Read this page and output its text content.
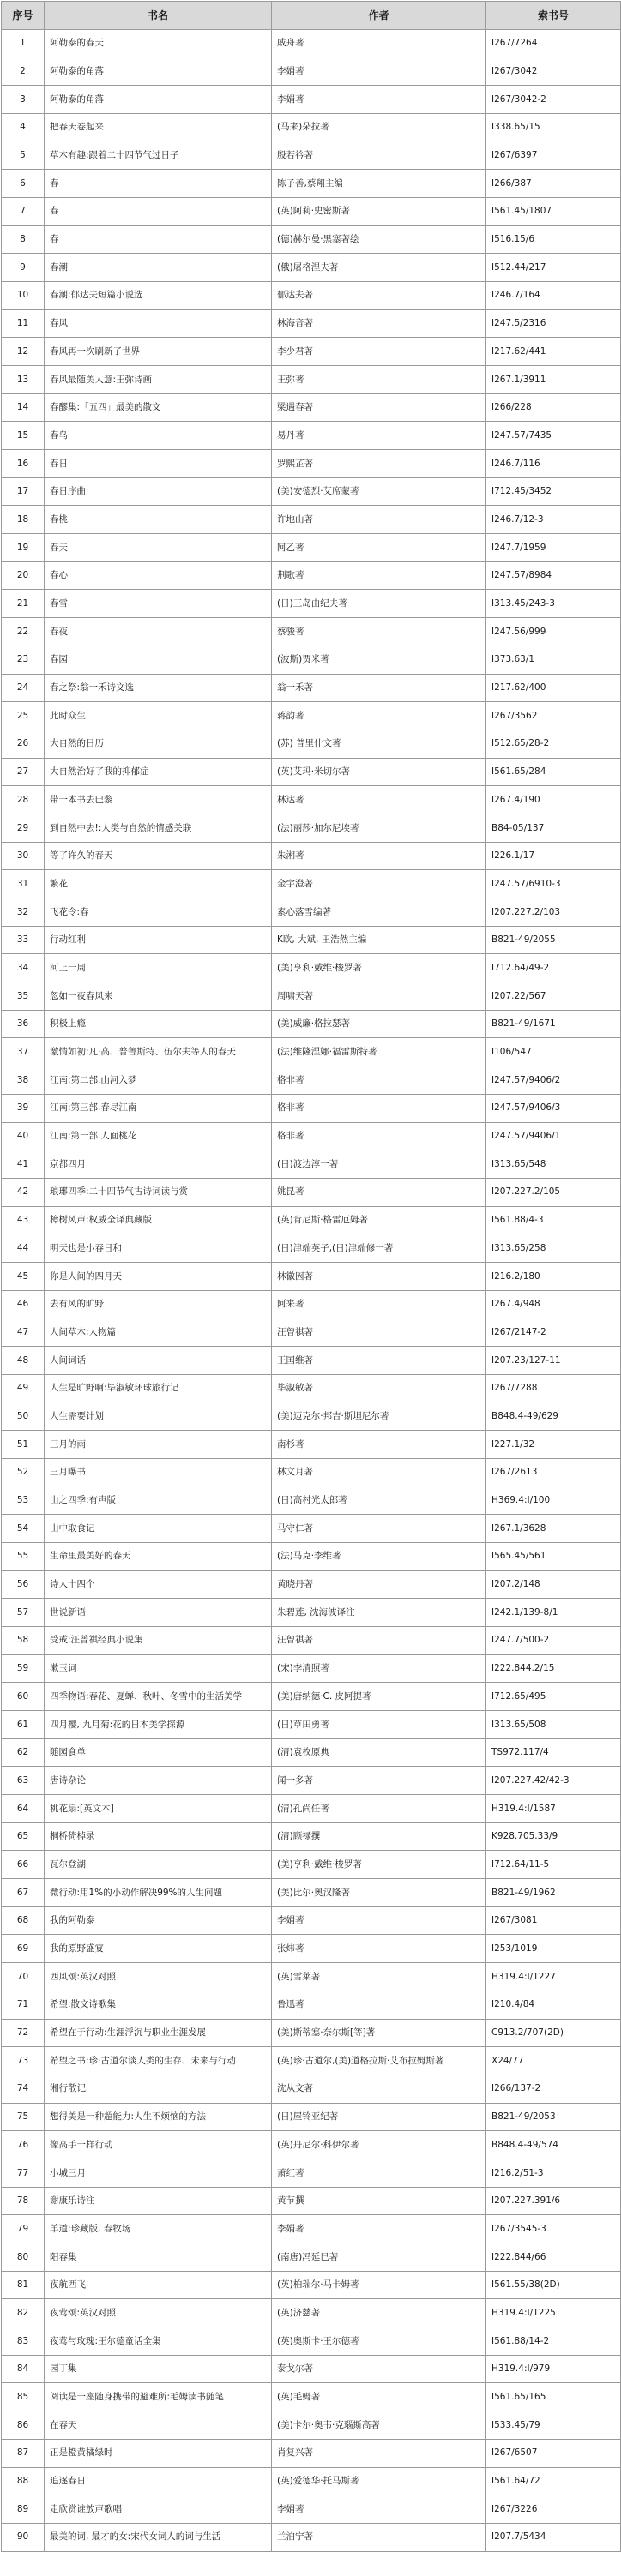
序号	书名	作者	索书号
1	阿勒泰的春天	戚舟著	I267/7264
2	阿勒泰的角落	李娟著	I267/3042
3	阿勒泰的角落	李娟著	I267/3042-2
4	把春天卷起来	(马来)朵拉著	I338.65/15
5	草木有趣:跟着二十四节气过日子	殷若衿著	I267/6397
6	春	陈子善,蔡翔主编	I266/387
7	春	(英)阿莉·史密斯著	I561.45/1807
8	春	(德)赫尔曼·黑塞著绘	I516.15/6
9	春潮	(俄)屠格涅夫著	I512.44/217
10	春潮:郁达夫短篇小说选	郁达夫著	I246.7/164
11	春风	林海音著	I247.5/2316
12	春风再一次刷新了世界	李少君著	I217.62/441
13	春风最随美人意:王弥诗画	王弥著	I267.1/3911
14	春醪集:「五四」最美的散文	梁遇春著	I266/228
15	春鸟	易丹著	I247.57/7435
16	春日	罗熙芷著	I246.7/116
17	春日序曲	(美)安德烈·艾席蒙著	I712.45/3452
18	春桃	许地山著	I246.7/12-3
19	春天	阿乙著	I247.7/1959
20	春心	荆歌著	I247.57/8984
21	春雪	(日)三岛由纪夫著	I313.45/243-3
22	春夜	蔡骏著	I247.56/999
23	春园	(波斯)贾米著	I373.63/1
24	春之祭:翁一禾诗文选	翁一禾著	I217.62/400
25	此时众生	蒋韵著	I267/3562
26	大自然的日历	(苏) 普里什文著	I512.65/28-2
27	大自然治好了我的抑郁症	(英)艾玛·米切尔著	I561.65/284
28	带一本书去巴黎	林达著	I267.4/190
29	到自然中去!:人类与自然的情感关联	(法)丽莎·加尔尼埃著	B84-05/137
30	等了许久的春天	朱湘著	I226.1/17
31	繁花	金宇澄著	I247.57/6910-3
32	飞花令:春	素心落雪编著	I207.227.2/103
33	行动红利	K欧, 大斌, 王浩然主编	B821-49/2055
34	河上一周	(美)亨利·戴维·梭罗著	I712.64/49-2
35	忽如一夜春风来	周啸天著	I207.22/567
36	积极上瘾	(美)威廉·格拉瑟著	B821-49/1671
37	激情如初:凡·高、普鲁斯特、伍尔夫等人的春天	(法)维隆涅娜·福雷斯特著	I106/547
38	江南:第二部.山河入梦	格非著	I247.57/9406/2
39	江南:第三部.春尽江南	格非著	I247.57/9406/3
40	江南:第一部.人面桃花	格非著	I247.57/9406/1
41	京都四月	(日)渡边淳一著	I313.65/548
42	琅琊四季:二十四节气古诗词读与赏	姚昆著	I207.227.2/105
43	樟树风声:权威全译典藏版	(英)肯尼斯·格雷厄姆著	I561.88/4-3
44	明天也是小春日和	(日)津端英子,(日)津端修一著	I313.65/258
45	你是人间的四月天	林徽因著	I216.2/180
46	去有风的旷野	阿来著	I267.4/948
47	人间草木:人物篇	汪曾祺著	I267/2147-2
48	人间词话	王国维著	I207.23/127-11
49	人生是旷野啊:毕淑敏环球旅行记	毕淑敏著	I267/7288
50	人生需要计划	(美)迈克尔·邦吉·斯坦尼尔著	B848.4-49/629
51	三月的雨	南杉著	I227.1/32
52	三月曝书	林文月著	I267/2613
53	山之四季:有声版	(日)高村光太郎著	H369.4:I/100
54	山中取食记	马守仁著	I267.1/3628
55	生命里最美好的春天	(法)马克·李维著	I565.45/561
56	诗人十四个	黄晓丹著	I207.2/148
57	世说新语	朱碧莲, 沈海波译注	I242.1/139-8/1
58	受戒:汪曾祺经典小说集	汪曾祺著	I247.7/500-2
59	漱玉词	(宋)李清照著	I222.844.2/15
60	四季物语:春花、夏蝉、秋叶、冬雪中的生活美学	(美)唐纳德·C. 皮阿提著	I712.65/495
61	四月樱, 九月菊:花的日本美学探源	(日)草田勇著	I313.65/508
62	随园食单	(清)袁枚原典	TS972.117/4
63	唐诗杂论	闻一多著	I207.227.42/42-3
64	桃花扇:[英文本]	(清)孔尚任著	H319.4:I/1587
65	桐桥倚棹录	(清)顾禄撰	K928.705.33/9
66	瓦尔登湖	(美)亨利·戴维·梭罗著	I712.64/11-5
67	微行动:用1%的小动作解决99%的人生问题	(美)比尔·奥汉隆著	B821-49/1962
68	我的阿勒泰	李娟著	I267/3081
69	我的原野盛宴	张炜著	I253/1019
70	西风颂:英汉对照	(英)雪莱著	H319.4:I/1227
71	希望:散文诗歌集	鲁迅著	I210.4/84
72	希望在于行动:生涯浮沉与职业生涯发展	(美)斯蒂塞·奈尔斯[等]著	C913.2/707(2D)
73	希望之书:珍·古道尔谈人类的生存、未来与行动	(英)珍·古道尔,(美)道格拉斯·艾布拉姆斯著	X24/77
74	湘行散记	沈从文著	I266/137-2
75	想得美是一种超能力:人生不烦恼的方法	(日)屋铃亚纪著	B821-49/2053
76	像高手一样行动	(英)丹尼尔·科伊尔著	B848.4-49/574
77	小城三月	萧红著	I216.2/51-3
78	谢康乐诗注	黄节撰	I207.227.391/6
79	羊道:珍藏版, 春牧场	李娟著	I267/3545-3
80	阳春集	(南唐)冯延巳著	I222.844/66
81	夜航西飞	(英)柏瑞尔·马卡姆著	I561.55/38(2D)
82	夜莺颂:英汉对照	(英)济慈著	H319.4:I/1225
83	夜莺与玫瑰:王尔德童话全集	(英)奥斯卡·王尔德著	I561.88/14-2
84	园丁集	泰戈尔著	H319.4:I/979
85	阅读是一座随身携带的避难所:毛姆读书随笔	(英)毛姆著	I561.65/165
86	在春天	(美)卡尔·奥韦·克瑙斯高著	I533.45/79
87	正是橙黄橘绿时	肖复兴著	I267/6507
88	追逐春日	(英)爱德华·托马斯著	I561.64/72
89	走欣赏谁放声歌唱	李娟著	I267/3226
90	最美的词, 最才的女:宋代女词人的词与生活	兰泊宁著	I207.7/5434
